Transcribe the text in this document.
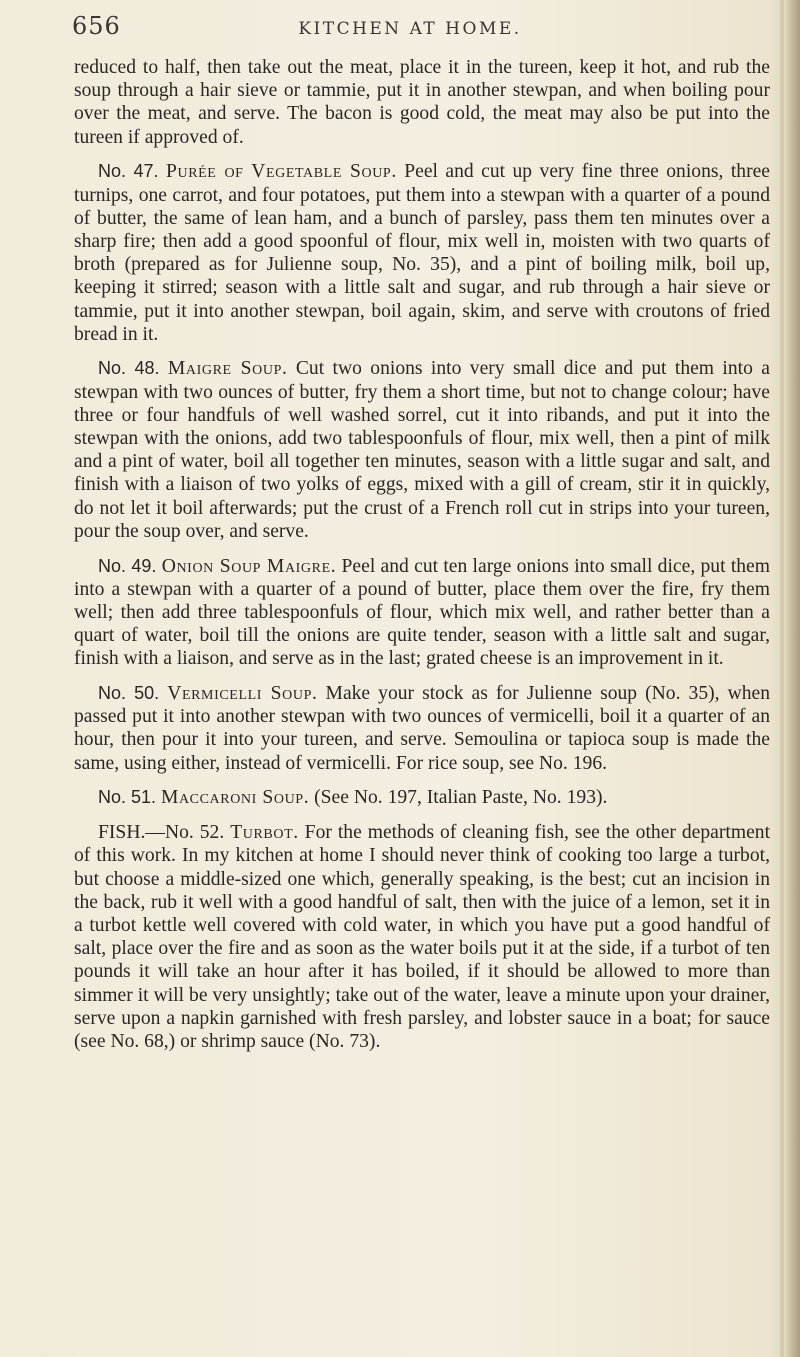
656	KITCHEN AT HOME.

reduced to half, then take out the meat, place it in the tureen, keep it hot, and rub the soup through a hair sieve or tammie, put it in another stewpan, and when boiling pour over the meat, and serve. The bacon is good cold, the meat may also be put into the tureen if approved of.

No. 47. Purée of Vegetable Soup. Peel and cut up very fine three onions, three turnips, one carrot, and four potatoes, put them into a stewpan with a quarter of a pound of butter, the same of lean ham, and a bunch of parsley, pass them ten minutes over a sharp fire; then add a good spoonful of flour, mix well in, moisten with two quarts of broth (prepared as for Julienne soup, No. 35), and a pint of boiling milk, boil up, keeping it stirred; season with a little salt and sugar, and rub through a hair sieve or tammie, put it into another stewpan, boil again, skim, and serve with croutons of fried bread in it.

No. 48. Maigre Soup. Cut two onions into very small dice and put them into a stewpan with two ounces of butter, fry them a short time, but not to change colour; have three or four handfuls of well washed sorrel, cut it into ribands, and put it into the stewpan with the onions, add two tablespoonfuls of flour, mix well, then a pint of milk and a pint of water, boil all together ten minutes, season with a little sugar and salt, and finish with a liaison of two yolks of eggs, mixed with a gill of cream, stir it in quickly, do not let it boil afterwards; put the crust of a French roll cut in strips into your tureen, pour the soup over, and serve.

No. 49. Onion Soup Maigre. Peel and cut ten large onions into small dice, put them into a stewpan with a quarter of a pound of butter, place them over the fire, fry them well; then add three tablespoonfuls of flour, which mix well, and rather better than a quart of water, boil till the onions are quite tender, season with a little salt and sugar, finish with a liaison, and serve as in the last; grated cheese is an improvement in it.

No. 50. Vermicelli Soup. Make your stock as for Julienne soup (No. 35), when passed put it into another stewpan with two ounces of vermicelli, boil it a quarter of an hour, then pour it into your tureen, and serve. Semoulina or tapioca soup is made the same, using either, instead of vermicelli. For rice soup, see No. 196.

No. 51. Maccaroni Soup. (See No. 197, Italian Paste, No. 193).

FISH.—No. 52. Turbot. For the methods of cleaning fish, see the other department of this work. In my kitchen at home I should never think of cooking too large a turbot, but choose a middle-sized one which, generally speaking, is the best; cut an incision in the back, rub it well with a good handful of salt, then with the juice of a lemon, set it in a turbot kettle well covered with cold water, in which you have put a good handful of salt, place over the fire and as soon as the water boils put it at the side, if a turbot of ten pounds it will take an hour after it has boiled, if it should be allowed to more than simmer it will be very unsightly; take out of the water, leave a minute upon your drainer, serve upon a napkin garnished with fresh parsley, and lobster sauce in a boat; for sauce (see No. 68,) or shrimp sauce (No. 73).
